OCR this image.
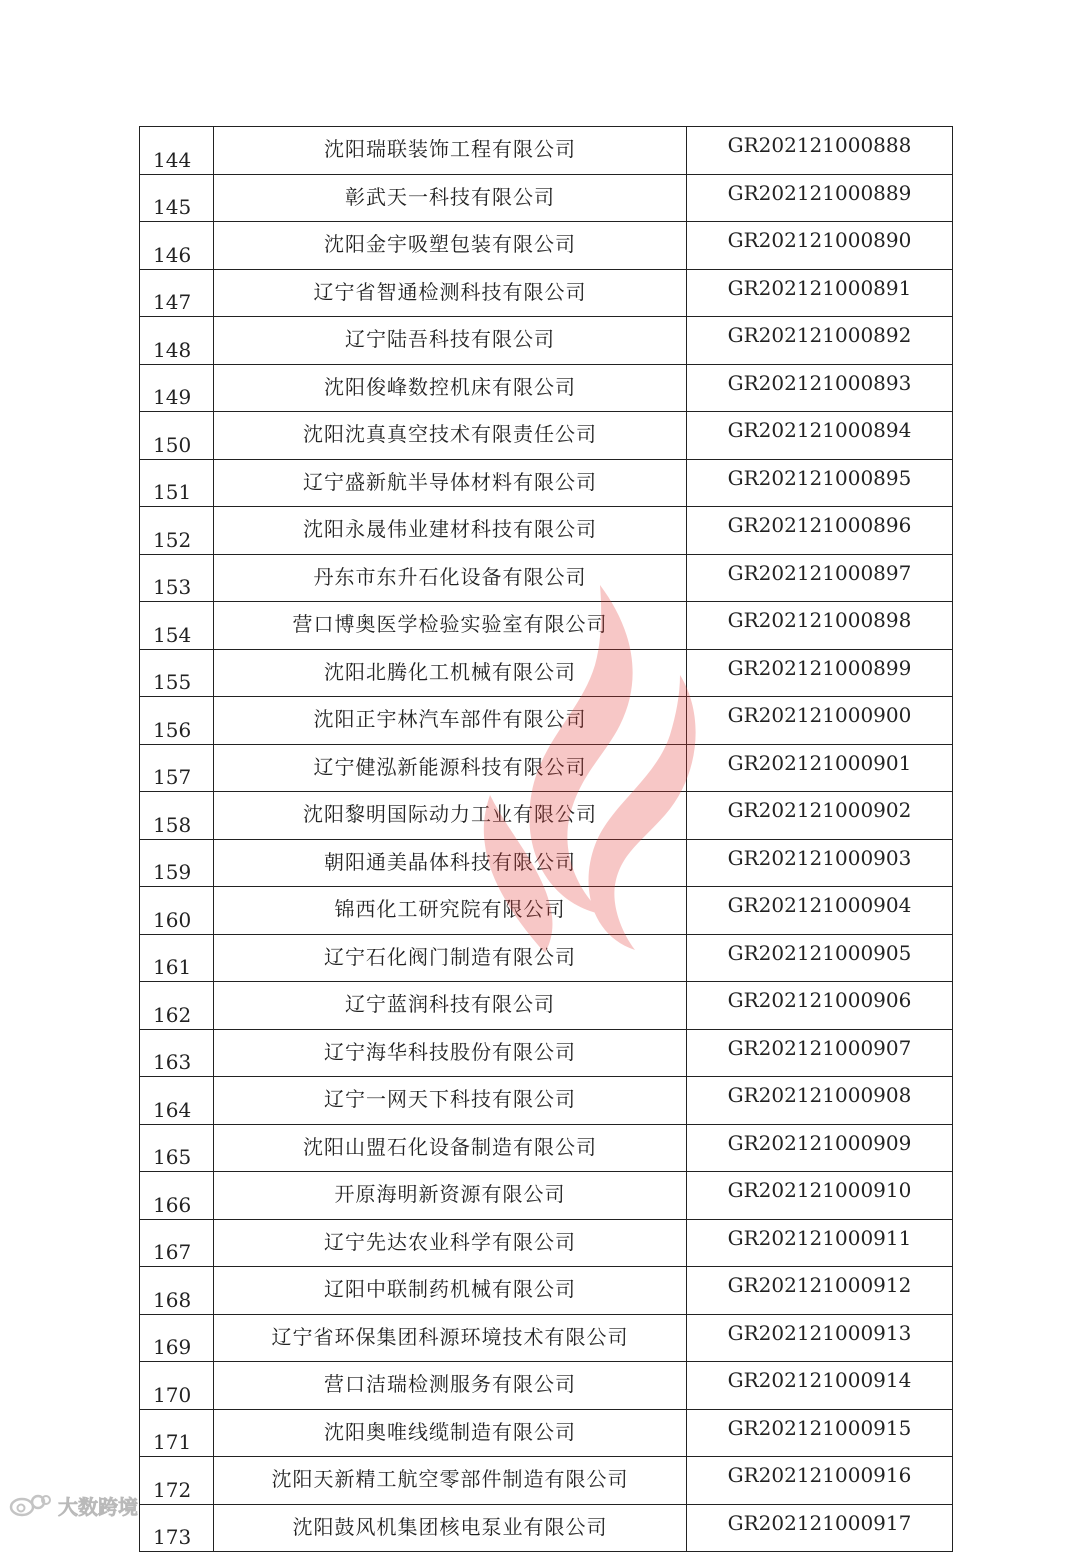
144	沈阳瑞联装饰工程有限公司	GR202121000888
145	彰武天一科技有限公司	GR202121000889
146	沈阳金宇吸塑包装有限公司	GR202121000890
147	辽宁省智通检测科技有限公司	GR202121000891
148	辽宁陆吾科技有限公司	GR202121000892
149	沈阳俊峰数控机床有限公司	GR202121000893
150	沈阳沈真真空技术有限责任公司	GR202121000894
151	辽宁盛新航半导体材料有限公司	GR202121000895
152	沈阳永晟伟业建材科技有限公司	GR202121000896
153	丹东市东升石化设备有限公司	GR202121000897
154	营口博奥医学检验实验室有限公司	GR202121000898
155	沈阳北腾化工机械有限公司	GR202121000899
156	沈阳正宇林汽车部件有限公司	GR202121000900
157	辽宁健泓新能源科技有限公司	GR202121000901
158	沈阳黎明国际动力工业有限公司	GR202121000902
159	朝阳通美晶体科技有限公司	GR202121000903
160	锦西化工研究院有限公司	GR202121000904
161	辽宁石化阀门制造有限公司	GR202121000905
162	辽宁蓝润科技有限公司	GR202121000906
163	辽宁海华科技股份有限公司	GR202121000907
164	辽宁一网天下科技有限公司	GR202121000908
165	沈阳山盟石化设备制造有限公司	GR202121000909
166	开原海明新资源有限公司	GR202121000910
167	辽宁先达农业科学有限公司	GR202121000911
168	辽阳中联制药机械有限公司	GR202121000912
169	辽宁省环保集团科源环境技术有限公司	GR202121000913
170	营口洁瑞检测服务有限公司	GR202121000914
171	沈阳奥唯线缆制造有限公司	GR202121000915
172	沈阳天新精工航空零部件制造有限公司	GR202121000916
173	沈阳鼓风机集团核电泵业有限公司	GR202121000917
大数跨境
